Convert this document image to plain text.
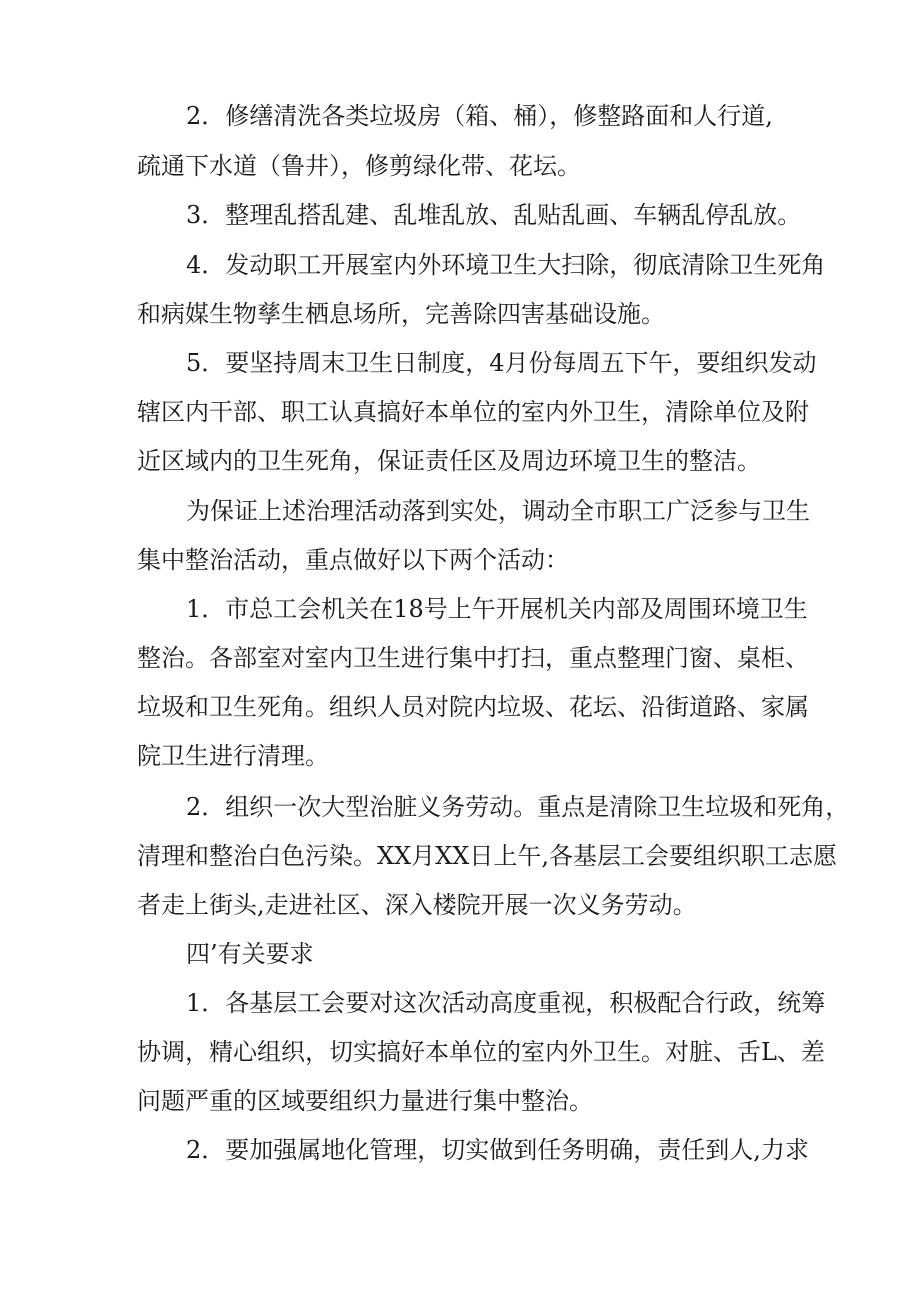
2．修缮清洗各类垃圾房（箱、桶），修整路面和人行道,
疏通下水道（鲁井），修剪绿化带、花坛。
3．整理乱搭乱建、乱堆乱放、乱贴乱画、车辆乱停乱放。
4．发动职工开展室内外环境卫生大扫除，彻底清除卫生死角
和病媒生物孳生栖息场所，完善除四害基础设施。
5．要坚持周末卫生日制度，4月份每周五下午，要组织发动
辖区内干部、职工认真搞好本单位的室内外卫生，清除单位及附
近区域内的卫生死角，保证责任区及周边环境卫生的整洁。
为保证上述治理活动落到实处，调动全市职工广泛参与卫生
集中整治活动，重点做好以下两个活动：
1．市总工会机关在18号上午开展机关内部及周围环境卫生
整治。各部室对室内卫生进行集中打扫，重点整理门窗、桌柜、
垃圾和卫生死角。组织人员对院内垃圾、花坛、沿街道路、家属
院卫生进行清理。
2．组织一次大型治脏义务劳动。重点是清除卫生垃圾和死角，
清理和整治白色污染。XX月XX日上午,各基层工会要组织职工志愿
者走上街头,走进社区、深入楼院开展一次义务劳动。
四’有关要求
1．各基层工会要对这次活动高度重视，积极配合行政，统筹
协调，精心组织，切实搞好本单位的室内外卫生。对脏、舌L、差
问题严重的区域要组织力量进行集中整治。
2．要加强属地化管理，切实做到任务明确，责任到人,力求
